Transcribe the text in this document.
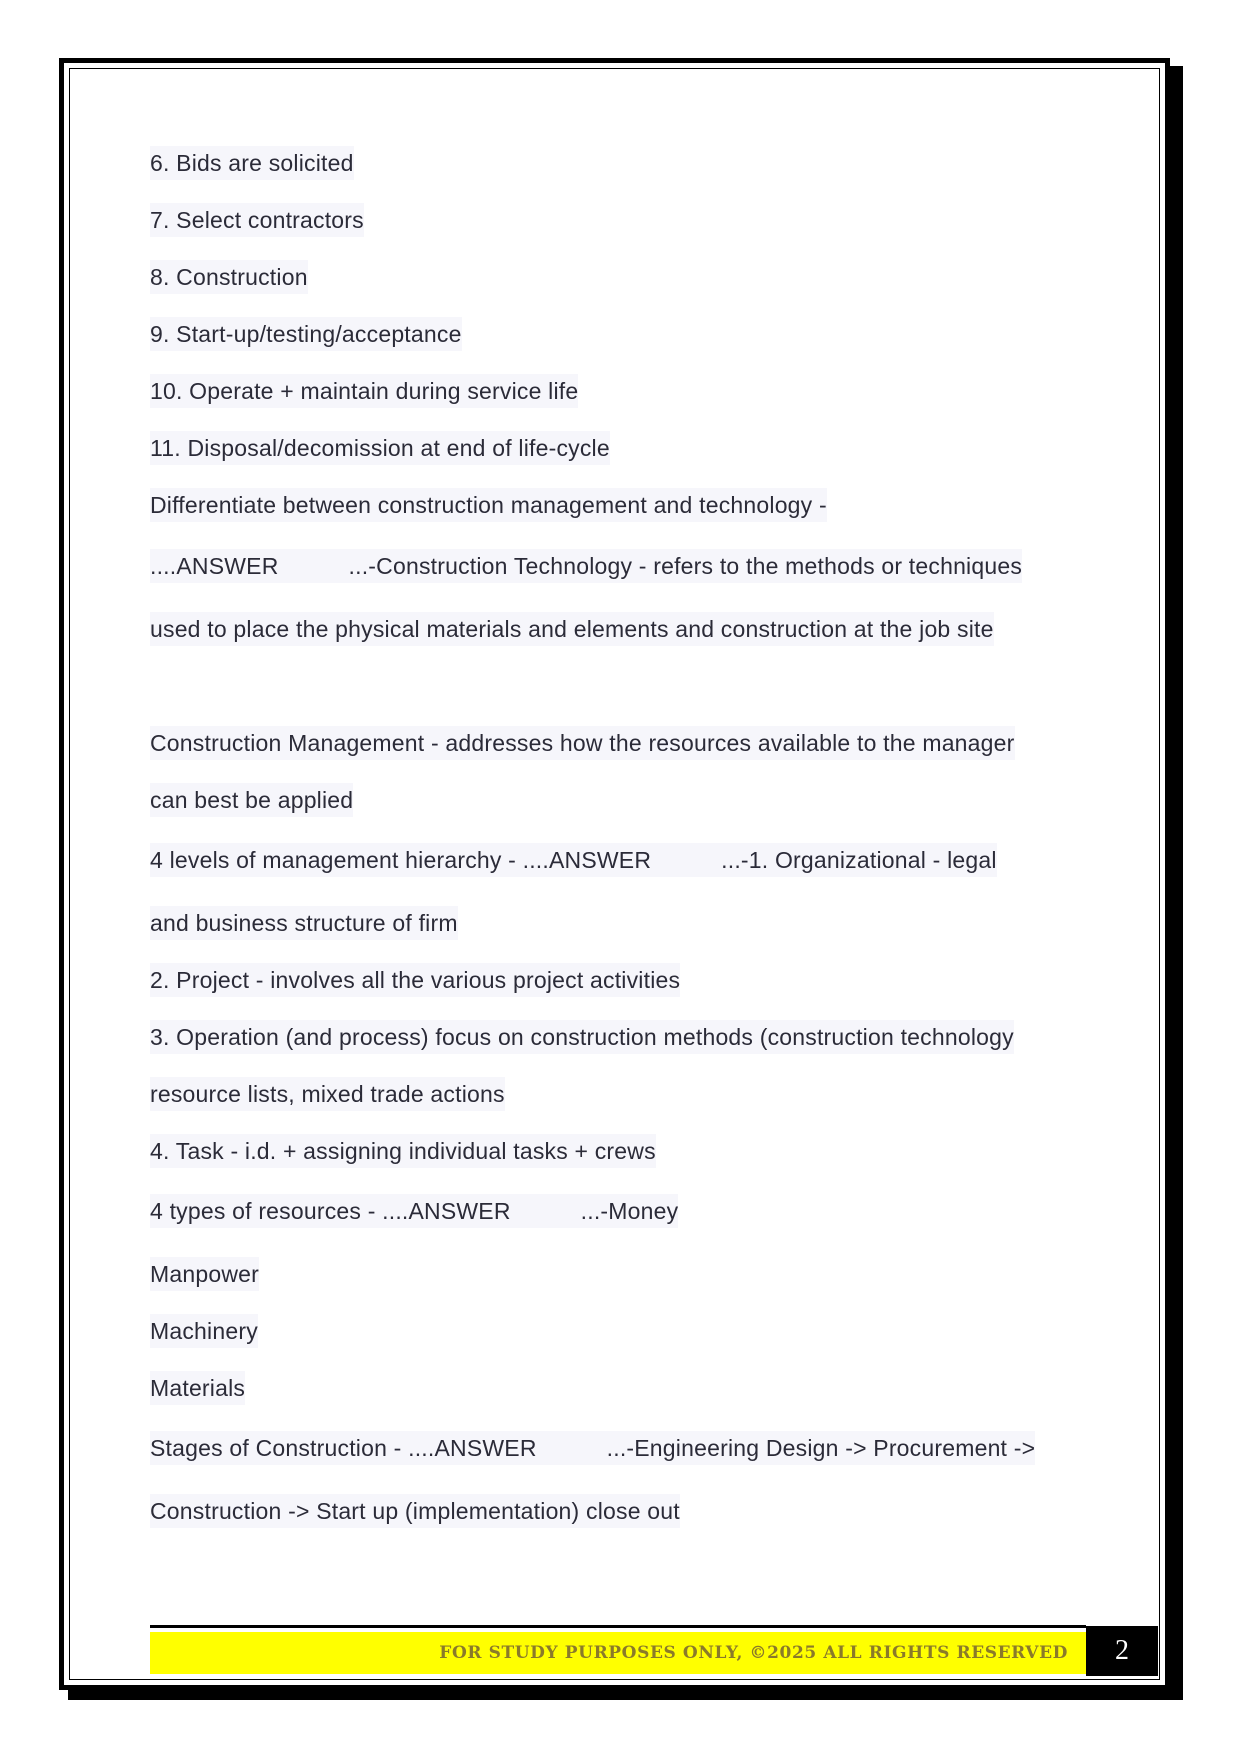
6. Bids are solicited
7. Select contractors
8. Construction
9. Start-up/testing/acceptance
10. Operate + maintain during service life
11. Disposal/decomission at end of life-cycle
Differentiate between construction management and technology -
....ANSWER	...-Construction Technology - refers to the methods or techniques
used to place the physical materials and elements and construction at the job site
Construction Management - addresses how the resources available to the manager
can best be applied
4 levels of management hierarchy - ....ANSWER	...-1. Organizational - legal
and business structure of firm
2. Project - involves all the various project activities
3. Operation (and process) focus on construction methods (construction technology
resource lists, mixed trade actions
4. Task - i.d. + assigning individual tasks + crews
4 types of resources - ....ANSWER	...-Money
Manpower
Machinery
Materials
Stages of Construction - ....ANSWER	...-Engineering Design -> Procurement ->
Construction -> Start up (implementation) close out
FOR STUDY PURPOSES ONLY, ©2025 ALL RIGHTS RESERVED	2
